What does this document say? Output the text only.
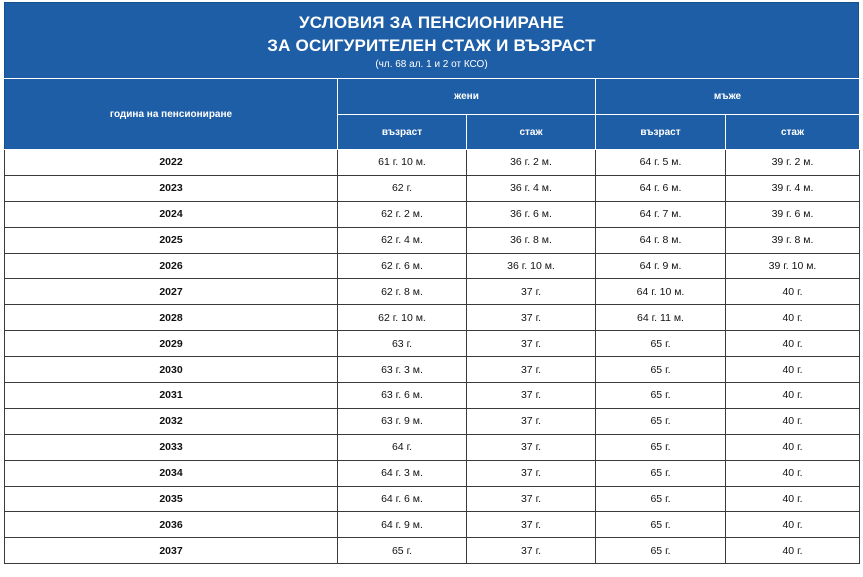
УСЛОВИЯ ЗА ПЕНСИОНИРАНЕ
ЗА ОСИГУРИТЕЛЕН СТАЖ И ВЪЗРАСТ
(чл. 68 ал. 1 и 2 от КСО)
година на пенсиониране	жени		мъже	
	възраст	стаж	възраст	стаж
2022	61 г. 10 м.	36 г. 2 м.	64 г. 5 м.	39 г. 2 м.
2023	62 г.	36 г. 4 м.	64 г. 6 м.	39 г. 4 м.
2024	62 г. 2 м.	36 г. 6 м.	64 г. 7 м.	39 г. 6 м.
2025	62 г. 4 м.	36 г. 8 м.	64 г. 8 м.	39 г. 8 м.
2026	62 г. 6 м.	36 г. 10 м.	64 г. 9 м.	39 г. 10 м.
2027	62 г. 8 м.	37 г.	64 г. 10 м.	40 г.
2028	62 г. 10 м.	37 г.	64 г. 11 м.	40 г.
2029	63 г.	37 г.	65 г.	40 г.
2030	63 г. 3 м.	37 г.	65 г.	40 г.
2031	63 г. 6 м.	37 г.	65 г.	40 г.
2032	63 г. 9 м.	37 г.	65 г.	40 г.
2033	64 г.	37 г.	65 г.	40 г.
2034	64 г. 3 м.	37 г.	65 г.	40 г.
2035	64 г. 6 м.	37 г.	65 г.	40 г.
2036	64 г. 9 м.	37 г.	65 г.	40 г.
2037	65 г.	37 г.	65 г.	40 г.
